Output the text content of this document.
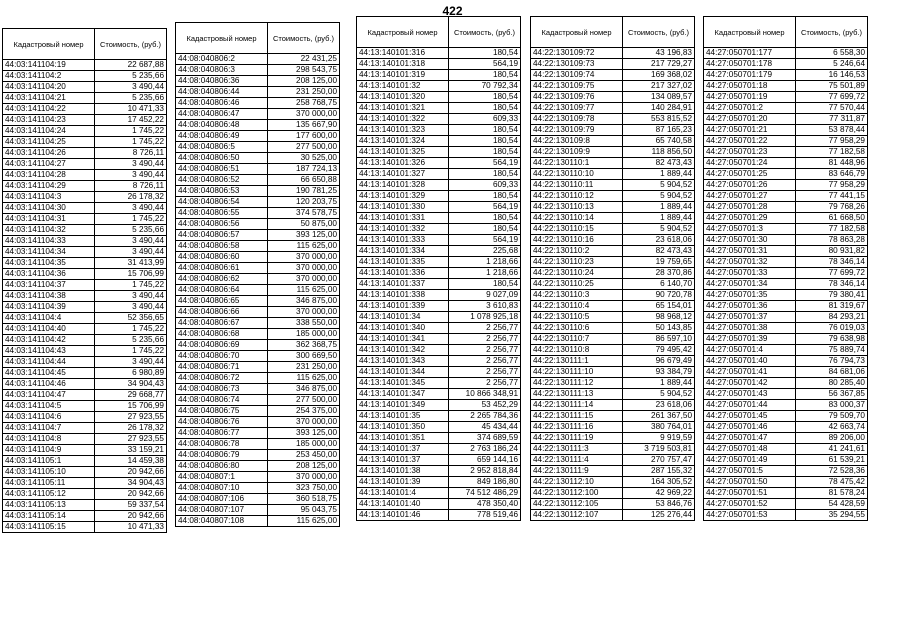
422
Кадастровый номер	Стоимость, (руб.)
44:03:141104:19	22 687,88
44:03:141104:2	5 235,66
44:03:141104:20	3 490,44
44:03:141104:21	5 235,66
44:03:141104:22	10 471,33
44:03:141104:23	17 452,22
44:03:141104:24	1 745,22
44:03:141104:25	1 745,22
44:03:141104:26	8 726,11
44:03:141104:27	3 490,44
44:03:141104:28	3 490,44
44:03:141104:29	8 726,11
44:03:141104:3	26 178,32
44:03:141104:30	3 490,44
44:03:141104:31	1 745,22
44:03:141104:32	5 235,66
44:03:141104:33	3 490,44
44:03:141104:34	3 490,44
44:03:141104:35	31 413,99
44:03:141104:36	15 706,99
44:03:141104:37	1 745,22
44:03:141104:38	3 490,44
44:03:141104:39	3 490,44
44:03:141104:4	52 356,65
44:03:141104:40	1 745,22
44:03:141104:42	5 235,66
44:03:141104:43	1 745,22
44:03:141104:44	3 490,44
44:03:141104:45	6 980,89
44:03:141104:46	34 904,43
44:03:141104:47	29 668,77
44:03:141104:5	15 706,99
44:03:141104:6	27 923,55
44:03:141104:7	26 178,32
44:03:141104:8	27 923,55
44:03:141104:9	33 159,21
44:03:141105:1	14 459,38
44:03:141105:10	20 942,66
44:03:141105:11	34 904,43
44:03:141105:12	20 942,66
44:03:141105:13	59 337,54
44:03:141105:14	20 942,66
44:03:141105:15	10 471,33
Кадастровый номер	Стоимость, (руб.)
44:08:040806:2	22 431,25
44:08:040806:3	298 543,75
44:08:040806:36	208 125,00
44:08:040806:44	231 250,00
44:08:040806:46	258 768,75
44:08:040806:47	370 000,00
44:08:040806:48	135 667,90
44:08:040806:49	177 600,00
44:08:040806:5	277 500,00
44:08:040806:50	30 525,00
44:08:040806:51	187 724,13
44:08:040806:52	66 650,88
44:08:040806:53	190 781,25
44:08:040806:54	120 203,75
44:08:040806:55	374 578,75
44:08:040806:56	50 875,00
44:08:040806:57	393 125,00
44:08:040806:58	115 625,00
44:08:040806:60	370 000,00
44:08:040806:61	370 000,00
44:08:040806:62	370 000,00
44:08:040806:64	115 625,00
44:08:040806:65	346 875,00
44:08:040806:66	370 000,00
44:08:040806:67	338 550,00
44:08:040806:68	185 000,00
44:08:040806:69	362 368,75
44:08:040806:70	300 669,50
44:08:040806:71	231 250,00
44:08:040806:72	115 625,00
44:08:040806:73	346 875,00
44:08:040806:74	277 500,00
44:08:040806:75	254 375,00
44:08:040806:76	370 000,00
44:08:040806:77	393 125,00
44:08:040806:78	185 000,00
44:08:040806:79	253 450,00
44:08:040806:80	208 125,00
44:08:040807:1	370 000,00
44:08:040807:10	323 750,00
44:08:040807:106	360 518,75
44:08:040807:107	95 043,75
44:08:040807:108	115 625,00
Кадастровый номер	Стоимость, (руб.)
44:13:140101:316	180,54
44:13:140101:318	564,19
44:13:140101:319	180,54
44:13:140101:32	70 792,34
44:13:140101:320	180,54
44:13:140101:321	180,54
44:13:140101:322	609,33
44:13:140101:323	180,54
44:13:140101:324	180,54
44:13:140101:325	180,54
44:13:140101:326	564,19
44:13:140101:327	180,54
44:13:140101:328	609,33
44:13:140101:329	180,54
44:13:140101:330	564,19
44:13:140101:331	180,54
44:13:140101:332	180,54
44:13:140101:333	564,19
44:13:140101:334	225,68
44:13:140101:335	1 218,66
44:13:140101:336	1 218,66
44:13:140101:337	180,54
44:13:140101:338	9 027,09
44:13:140101:339	3 610,83
44:13:140101:34	1 078 925,18
44:13:140101:340	2 256,77
44:13:140101:341	2 256,77
44:13:140101:342	2 256,77
44:13:140101:343	2 256,77
44:13:140101:344	2 256,77
44:13:140101:345	2 256,77
44:13:140101:347	10 866 348,91
44:13:140101:349	53 452,29
44:13:140101:35	2 265 784,36
44:13:140101:350	45 434,44
44:13:140101:351	374 689,59
44:13:140101:37	2 763 186,24
44:13:140101:37	659 144,16
44:13:140101:38	2 952 818,84
44:13:140101:39	849 186,80
44:13:140101:4	74 512 486,29
44:13:140101:40	478 350,40
44:13:140101:46	778 519,46
Кадастровый номер	Стоимость, (руб.)
44:22:130109:72	43 196,83
44:22:130109:73	217 729,27
44:22:130109:74	169 368,02
44:22:130109:75	217 327,02
44:22:130109:76	134 089,57
44:22:130109:77	140 284,91
44:22:130109:78	553 815,52
44:22:130109:79	87 165,23
44:22:130109:8	65 740,58
44:22:130109:9	118 856,50
44:22:130110:1	82 473,43
44:22:130110:10	1 889,44
44:22:130110:11	5 904,52
44:22:130110:12	5 904,52
44:22:130110:13	1 889,44
44:22:130110:14	1 889,44
44:22:130110:15	5 904,52
44:22:130110:16	23 618,06
44:22:130110:2	82 473,43
44:22:130110:23	19 759,65
44:22:130110:24	28 370,86
44:22:130110:25	6 140,70
44:22:130110:3	90 720,78
44:22:130110:4	65 154,01
44:22:130110:5	98 968,12
44:22:130110:6	50 143,85
44:22:130110:7	86 597,10
44:22:130110:8	79 495,42
44:22:130111:1	96 679,49
44:22:130111:10	93 384,79
44:22:130111:12	1 889,44
44:22:130111:13	5 904,52
44:22:130111:14	23 618,06
44:22:130111:15	261 367,50
44:22:130111:16	380 764,01
44:22:130111:19	9 919,59
44:22:130111:3	3 719 503,81
44:22:130111:4	270 757,47
44:22:130111:9	287 155,32
44:22:130112:10	164 305,52
44:22:130112:100	42 969,22
44:22:130112:105	53 846,76
44:22:130112:107	125 276,44
Кадастровый номер	Стоимость, (руб.)
44:27:050701:177	6 558,30
44:27:050701:178	5 246,64
44:27:050701:179	16 146,53
44:27:050701:18	75 501,89
44:27:050701:19	77 699,72
44:27:050701:2	77 570,44
44:27:050701:20	77 311,87
44:27:050701:21	53 878,44
44:27:050701:22	77 958,29
44:27:050701:23	77 182,58
44:27:050701:24	81 448,96
44:27:050701:25	83 646,79
44:27:050701:26	77 958,29
44:27:050701:27	77 441,15
44:27:050701:28	79 768,26
44:27:050701:29	61 668,50
44:27:050701:3	77 182,58
44:27:050701:30	78 863,28
44:27:050701:31	80 931,82
44:27:050701:32	78 346,14
44:27:050701:33	77 699,72
44:27:050701:34	78 346,14
44:27:050701:35	79 380,41
44:27:050701:36	81 319,67
44:27:050701:37	84 293,21
44:27:050701:38	76 019,03
44:27:050701:39	79 638,98
44:27:050701:4	75 889,74
44:27:050701:40	76 794,73
44:27:050701:41	84 681,06
44:27:050701:42	80 285,40
44:27:050701:43	56 367,85
44:27:050701:44	83 000,37
44:27:050701:45	79 509,70
44:27:050701:46	42 663,74
44:27:050701:47	89 206,00
44:27:050701:48	41 241,61
44:27:050701:49	61 539,21
44:27:050701:5	72 528,36
44:27:050701:50	78 475,42
44:27:050701:51	81 578,24
44:27:050701:52	54 428,59
44:27:050701:53	35 294,55
